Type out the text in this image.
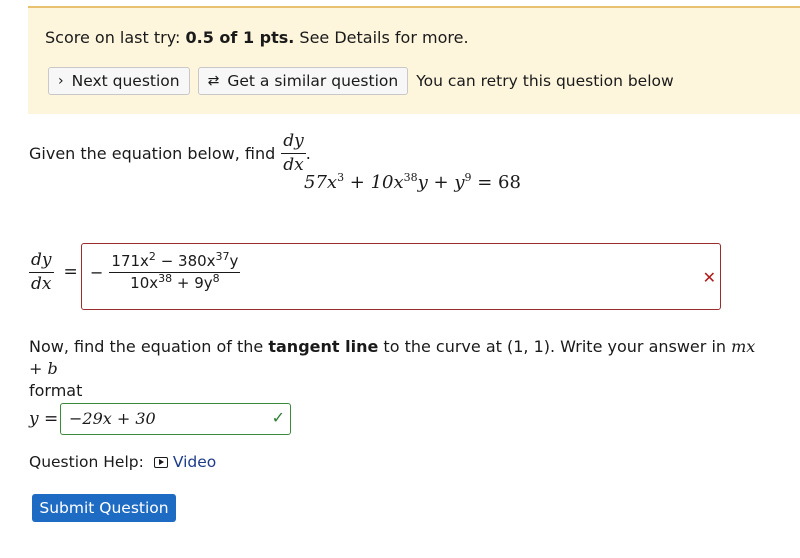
Score on last try: 0.5 of 1 pts. See Details for more.
› Next question ⇄ Get a similar question You can retry this question below
Given the equation below, find $\frac{dy}{dx}$ .
$57x^3 + 10x^{38}y + y^9 = 68$
$\frac{dy}{dx}$ = − $\frac{171x^2 - 380x^{37}y}{10x^{38} + 9y^8}$	✕
Now, find the equation of the tangent line to the curve at (1, 1). Write your answer in mx + b
format
y = −29x + 30	✓
Question Help: Video
Submit Question
